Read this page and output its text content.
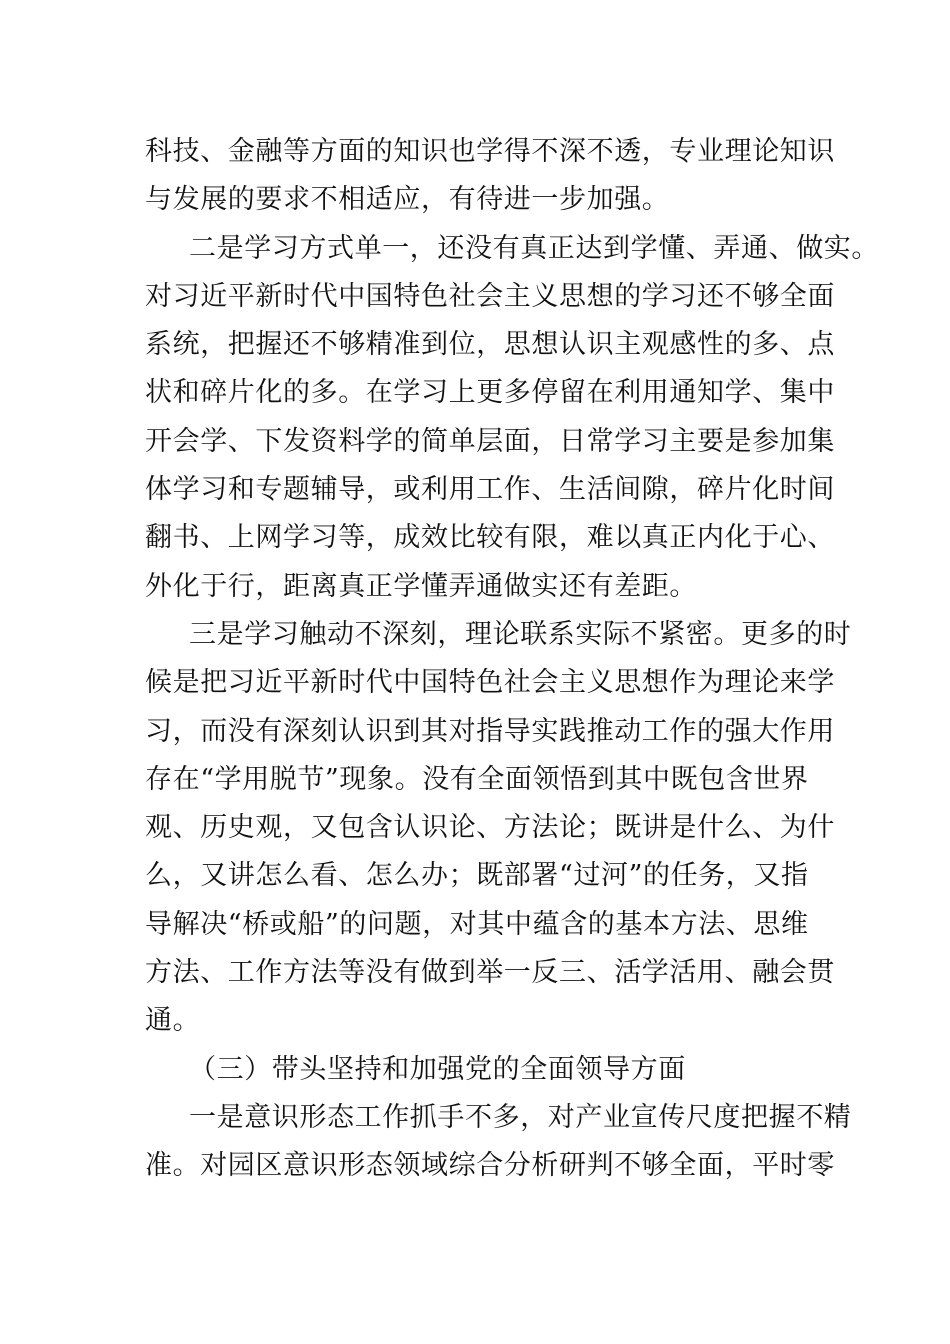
科技、金融等方面的知识也学得不深不透，专业理论知识
与发展的要求不相适应，有待进一步加强。
二是学习方式单一，还没有真正达到学懂、弄通、做实。
对习近平新时代中国特色社会主义思想的学习还不够全面
系统，把握还不够精准到位，思想认识主观感性的多、点
状和碎片化的多。在学习上更多停留在利用通知学、集中
开会学、下发资料学的简单层面，日常学习主要是参加集
体学习和专题辅导，或利用工作、生活间隙，碎片化时间
翻书、上网学习等，成效比较有限，难以真正内化于心、
外化于行，距离真正学懂弄通做实还有差距。
三是学习触动不深刻，理论联系实际不紧密。更多的时
候是把习近平新时代中国特色社会主义思想作为理论来学
习，而没有深刻认识到其对指导实践推动工作的强大作用
存在“学用脱节”现象。没有全面领悟到其中既包含世界
观、历史观，又包含认识论、方法论；既讲是什么、为什
么，又讲怎么看、怎么办；既部署“过河”的任务，又指
导解决“桥或船”的问题，对其中蕴含的基本方法、思维
方法、工作方法等没有做到举一反三、活学活用、融会贯
通。
（三）带头坚持和加强党的全面领导方面
一是意识形态工作抓手不多，对产业宣传尺度把握不精
准。对园区意识形态领域综合分析研判不够全面，平时零
